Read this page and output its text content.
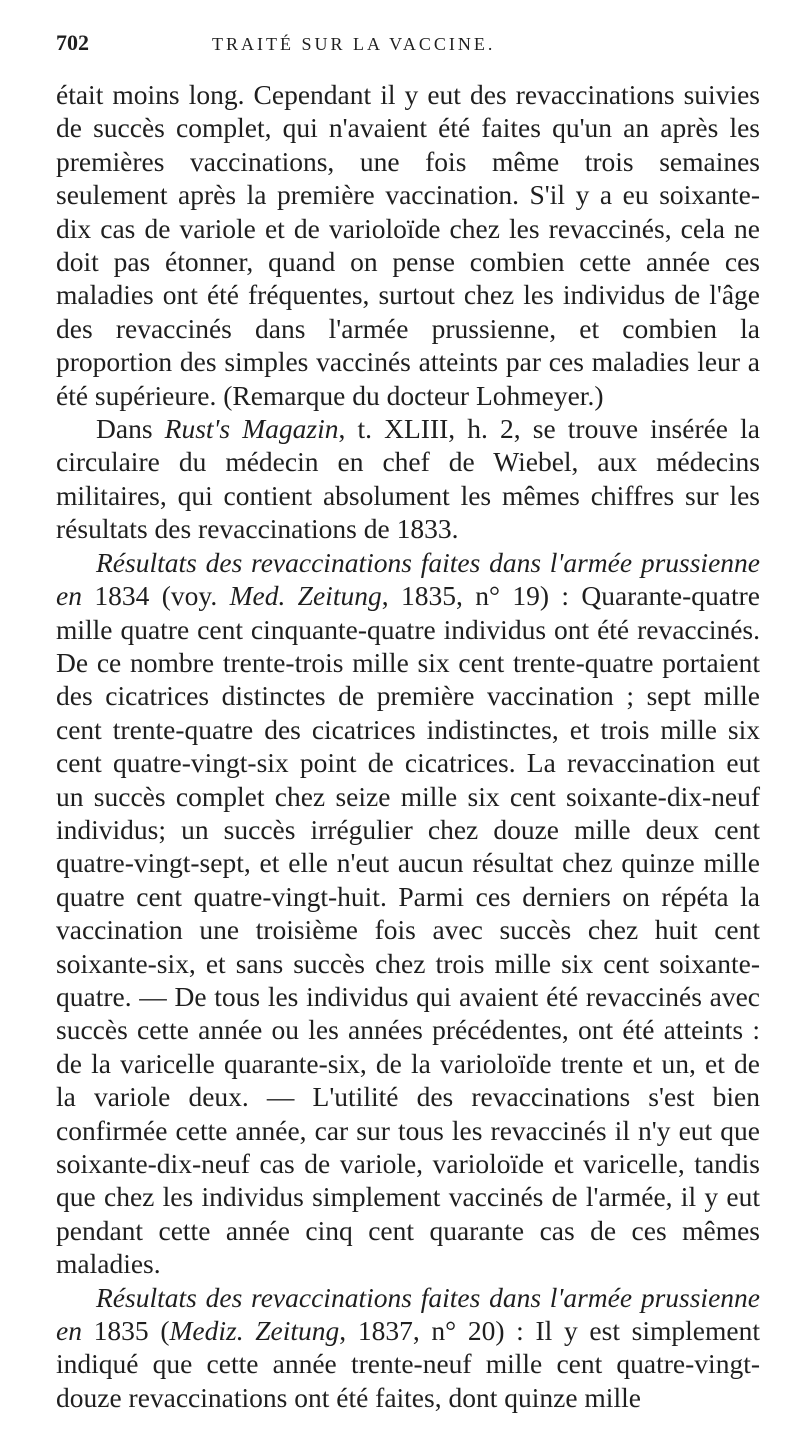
702	TRAITÉ SUR LA VACCINE.

était moins long. Cependant il y eut des revaccinations suivies de succès complet, qui n'avaient été faites qu'un an après les premières vaccinations, une fois même trois semaines seulement après la première vaccination. S'il y a eu soixante-dix cas de variole et de varioloïde chez les revaccinés, cela ne doit pas étonner, quand on pense combien cette année ces maladies ont été fréquentes, surtout chez les individus de l'âge des revaccinés dans l'armée prussienne, et combien la proportion des simples vaccinés atteints par ces maladies leur a été supérieure. (Remarque du docteur Lohmeyer.)

Dans Rust's Magazin, t. XLIII, h. 2, se trouve insérée la circulaire du médecin en chef de Wiebel, aux médecins militaires, qui contient absolument les mêmes chiffres sur les résultats des revaccinations de 1833.

Résultats des revaccinations faites dans l'armée prussienne en 1834 (voy. Med. Zeitung, 1835, n° 19) : Quarante-quatre mille quatre cent cinquante-quatre individus ont été revaccinés. De ce nombre trente-trois mille six cent trente-quatre portaient des cicatrices distinctes de première vaccination ; sept mille cent trente-quatre des cicatrices indistinctes, et trois mille six cent quatre-vingt-six point de cicatrices. La revaccination eut un succès complet chez seize mille six cent soixante-dix-neuf individus; un succès irrégulier chez douze mille deux cent quatre-vingt-sept, et elle n'eut aucun résultat chez quinze mille quatre cent quatre-vingt-huit. Parmi ces derniers on répéta la vaccination une troisième fois avec succès chez huit cent soixante-six, et sans succès chez trois mille six cent soixante-quatre. — De tous les individus qui avaient été revaccinés avec succès cette année ou les années précédentes, ont été atteints : de la varicelle quarante-six, de la varioloïde trente et un, et de la variole deux. — L'utilité des revaccinations s'est bien confirmée cette année, car sur tous les revaccinés il n'y eut que soixante-dix-neuf cas de variole, varioloïde et varicelle, tandis que chez les individus simplement vaccinés de l'armée, il y eut pendant cette année cinq cent quarante cas de ces mêmes maladies.

Résultats des revaccinations faites dans l'armée prussienne en 1835 (Mediz. Zeitung, 1837, n° 20) : Il y est simplement indiqué que cette année trente-neuf mille cent quatre-vingt-douze revaccinations ont été faites, dont quinze mille
